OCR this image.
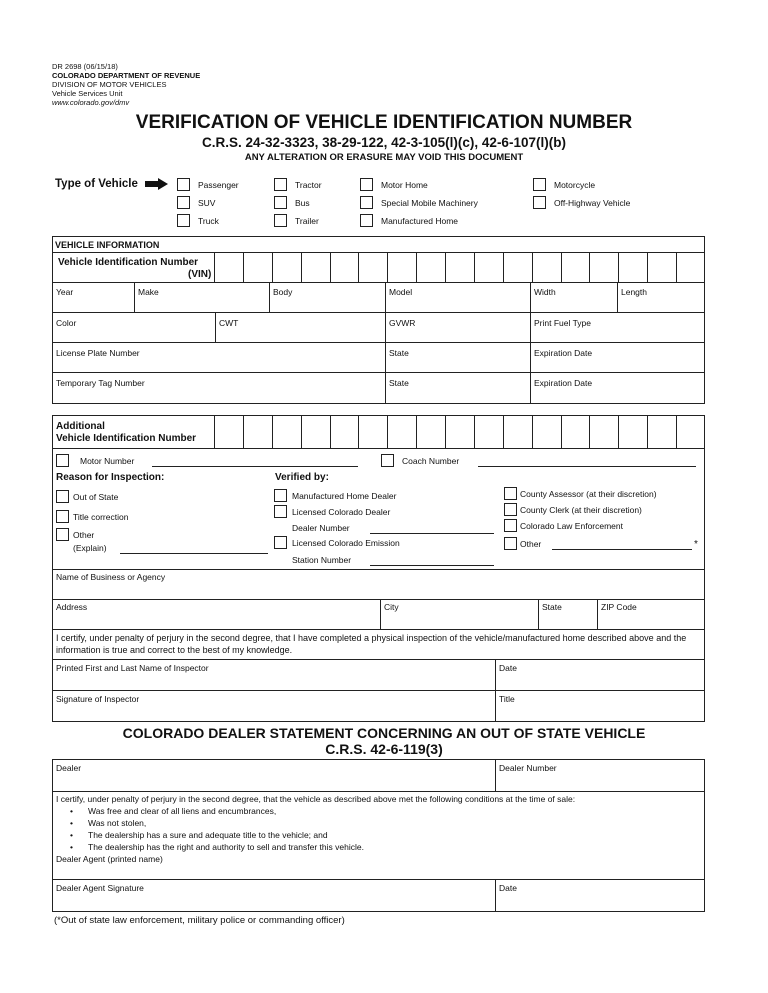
DR 2698 (06/15/18)
COLORADO DEPARTMENT OF REVENUE
DIVISION OF MOTOR VEHICLES
Vehicle Services Unit
www.colorado.gov/dmv
VERIFICATION OF VEHICLE IDENTIFICATION NUMBER
C.R.S. 24-32-3323, 38-29-122, 42-3-105(l)(c), 42-6-107(l)(b)
ANY ALTERATION OR ERASURE MAY VOID THIS DOCUMENT
Type of Vehicle	Passenger
SUV
Truck
Tractor
Bus
Trailer
Motor Home
Special Mobile Machinery
Manufactured Home
Motorcycle
Off-Highway Vehicle
VEHICLE INFORMATION
Vehicle Identification Number
(VIN)
Year	Make	Body	Model	Width	Length
Color	CWT	GVWR	Print Fuel Type
License Plate Number	State	Expiration Date
Temporary Tag Number	State	Expiration Date
Additional
Vehicle Identification Number
Motor Number	Coach Number
Reason for Inspection:	Verified by:
Out of State
Title correction
Other
(Explain)
Manufactured Home Dealer
Licensed Colorado Dealer
Dealer Number
Licensed Colorado Emission
Station Number
County Assessor (at their discretion)
County Clerk (at their discretion)
Colorado Law Enforcement
Other	*
Name of Business or Agency
Address	City	State	ZIP Code
I certify, under penalty of perjury in the second degree, that I have completed a physical inspection of the vehicle/manufactured home described above and the information is true and correct to the best of my knowledge.
Printed First and Last Name of Inspector	Date
Signature of Inspector	Title
COLORADO DEALER STATEMENT CONCERNING AN OUT OF STATE VEHICLE
C.R.S. 42-6-119(3)
Dealer	Dealer Number
I certify, under penalty of perjury in the second degree, that the vehicle as described above met the following conditions at the time of sale:
• Was free and clear of all liens and encumbrances,
• Was not stolen,
• The dealership has a sure and adequate title to the vehicle; and
• The dealership has the right and authority to sell and transfer this vehicle.
Dealer Agent (printed name)
Dealer Agent Signature	Date
(*Out of state law enforcement, military police or commanding officer)
